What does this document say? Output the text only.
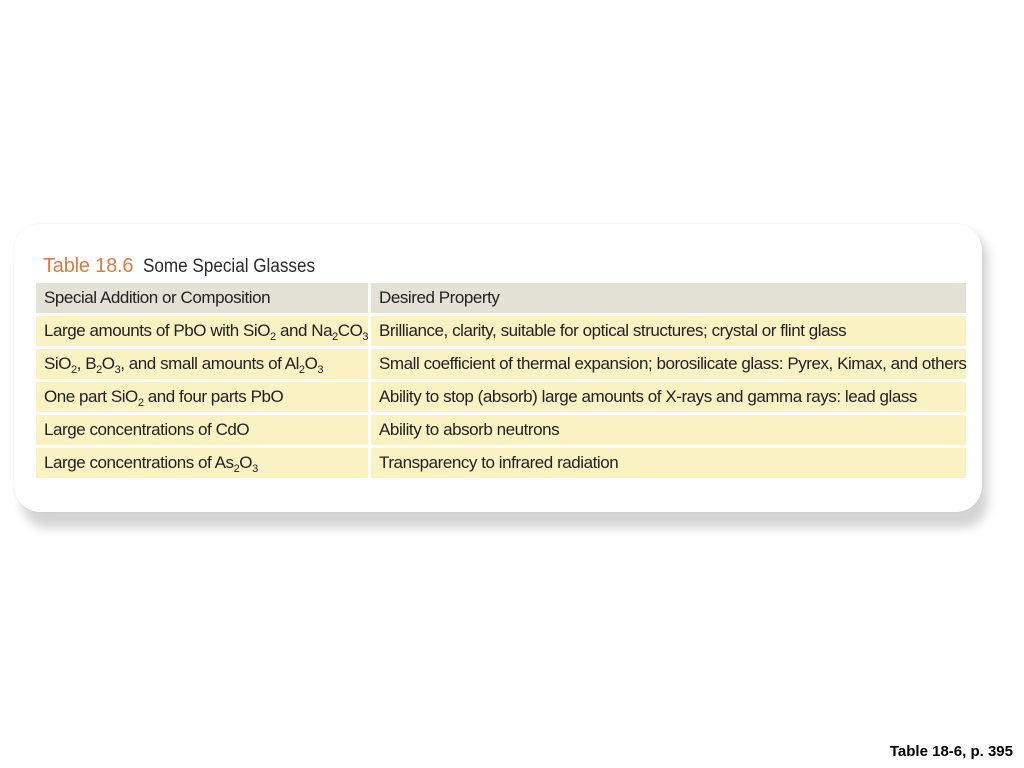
Table 18.6 Some Special Glasses
Special Addition or Composition	Desired Property
Large amounts of PbO with SiO$_2$ and $Na_2CO_3$	Brilliance, clarity, suitable for optical structures; crystal or flint glass
SiO$_2$, $B_2O_3$, and small amounts of $Al_2O_3$	Small coefficient of thermal expansion; borosilicate glass: Pyrex, Kimax, and others
One part SiO$_2$ and four parts PbO	Ability to stop (absorb) large amounts of X-rays and gamma rays: lead glass
Large concentrations of CdO	Ability to absorb neutrons
Large concentrations of $As_2O_3$	Transparency to infrared radiation
Table 18-6, p. 395
